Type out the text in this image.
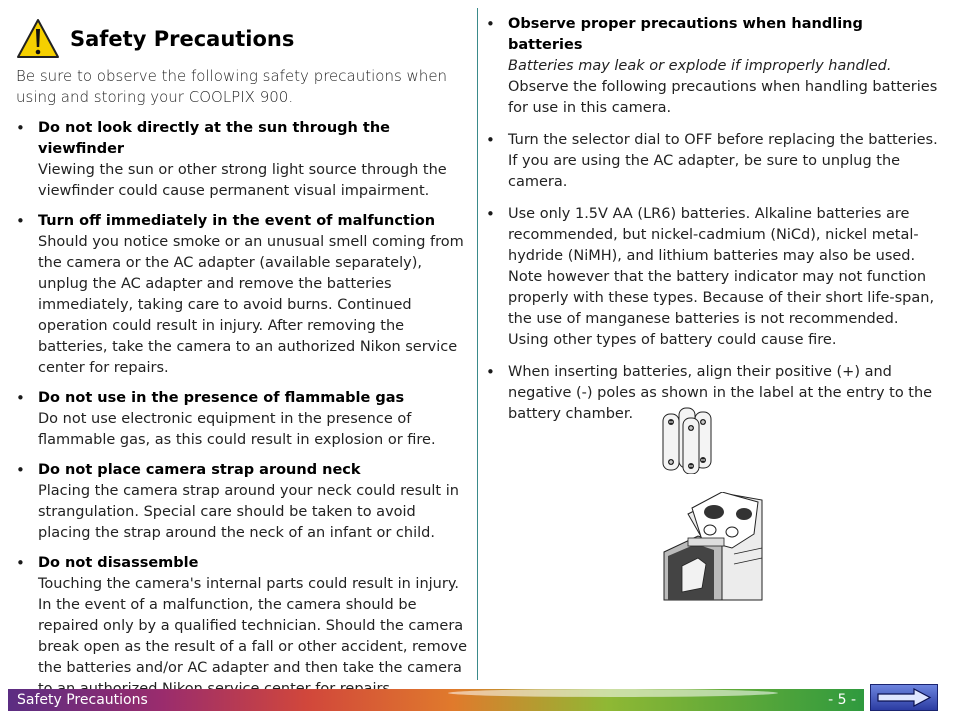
Safety Precautions

Be sure to observe the following safety precautions when using and storing your COOLPIX 900.

• Do not look directly at the sun through the viewfinder
Viewing the sun or other strong light source through the viewfinder could cause permanent visual impairment.
• Turn off immediately in the event of malfunction
Should you notice smoke or an unusual smell coming from the camera or the AC adapter (available separately), unplug the AC adapter and remove the batteries immediately, taking care to avoid burns. Continued operation could result in injury. After removing the batteries, take the camera to an authorized Nikon service center for repairs.
• Do not use in the presence of flammable gas
Do not use electronic equipment in the presence of flammable gas, as this could result in explosion or fire.
• Do not place camera strap around neck
Placing the camera strap around your neck could result in strangulation. Special care should be taken to avoid placing the strap around the neck of an infant or child.
• Do not disassemble
Touching the camera's internal parts could result in injury. In the event of a malfunction, the camera should be repaired only by a qualified technician. Should the camera break open as the result of a fall or other accident, remove the batteries and/or AC adapter and then take the camera
• Observe proper precautions when handling batteries
Batteries may leak or explode if improperly handled.  Observe the following precautions when handling batteries for use in this camera.
• Turn the selector dial to OFF before replacing the batteries. If you are using the AC adapter, be sure to unplug the camera.
• Use only 1.5V AA (LR6) batteries. Alkaline batteries are recommended, but nickel-cadmium (NiCd), nickel metal-hydride (NiMH), and lithium batteries may also be used. Note however that the battery indicator may not function properly with these types. Because of their short life-span, the use of manganese batteries is not recommended. Using other types of battery could cause fire.
• When inserting batteries, align their positive (+) and negative (-) poles as shown in the label at the entry to the battery chamber.
Safety Precautions	- 5 -
